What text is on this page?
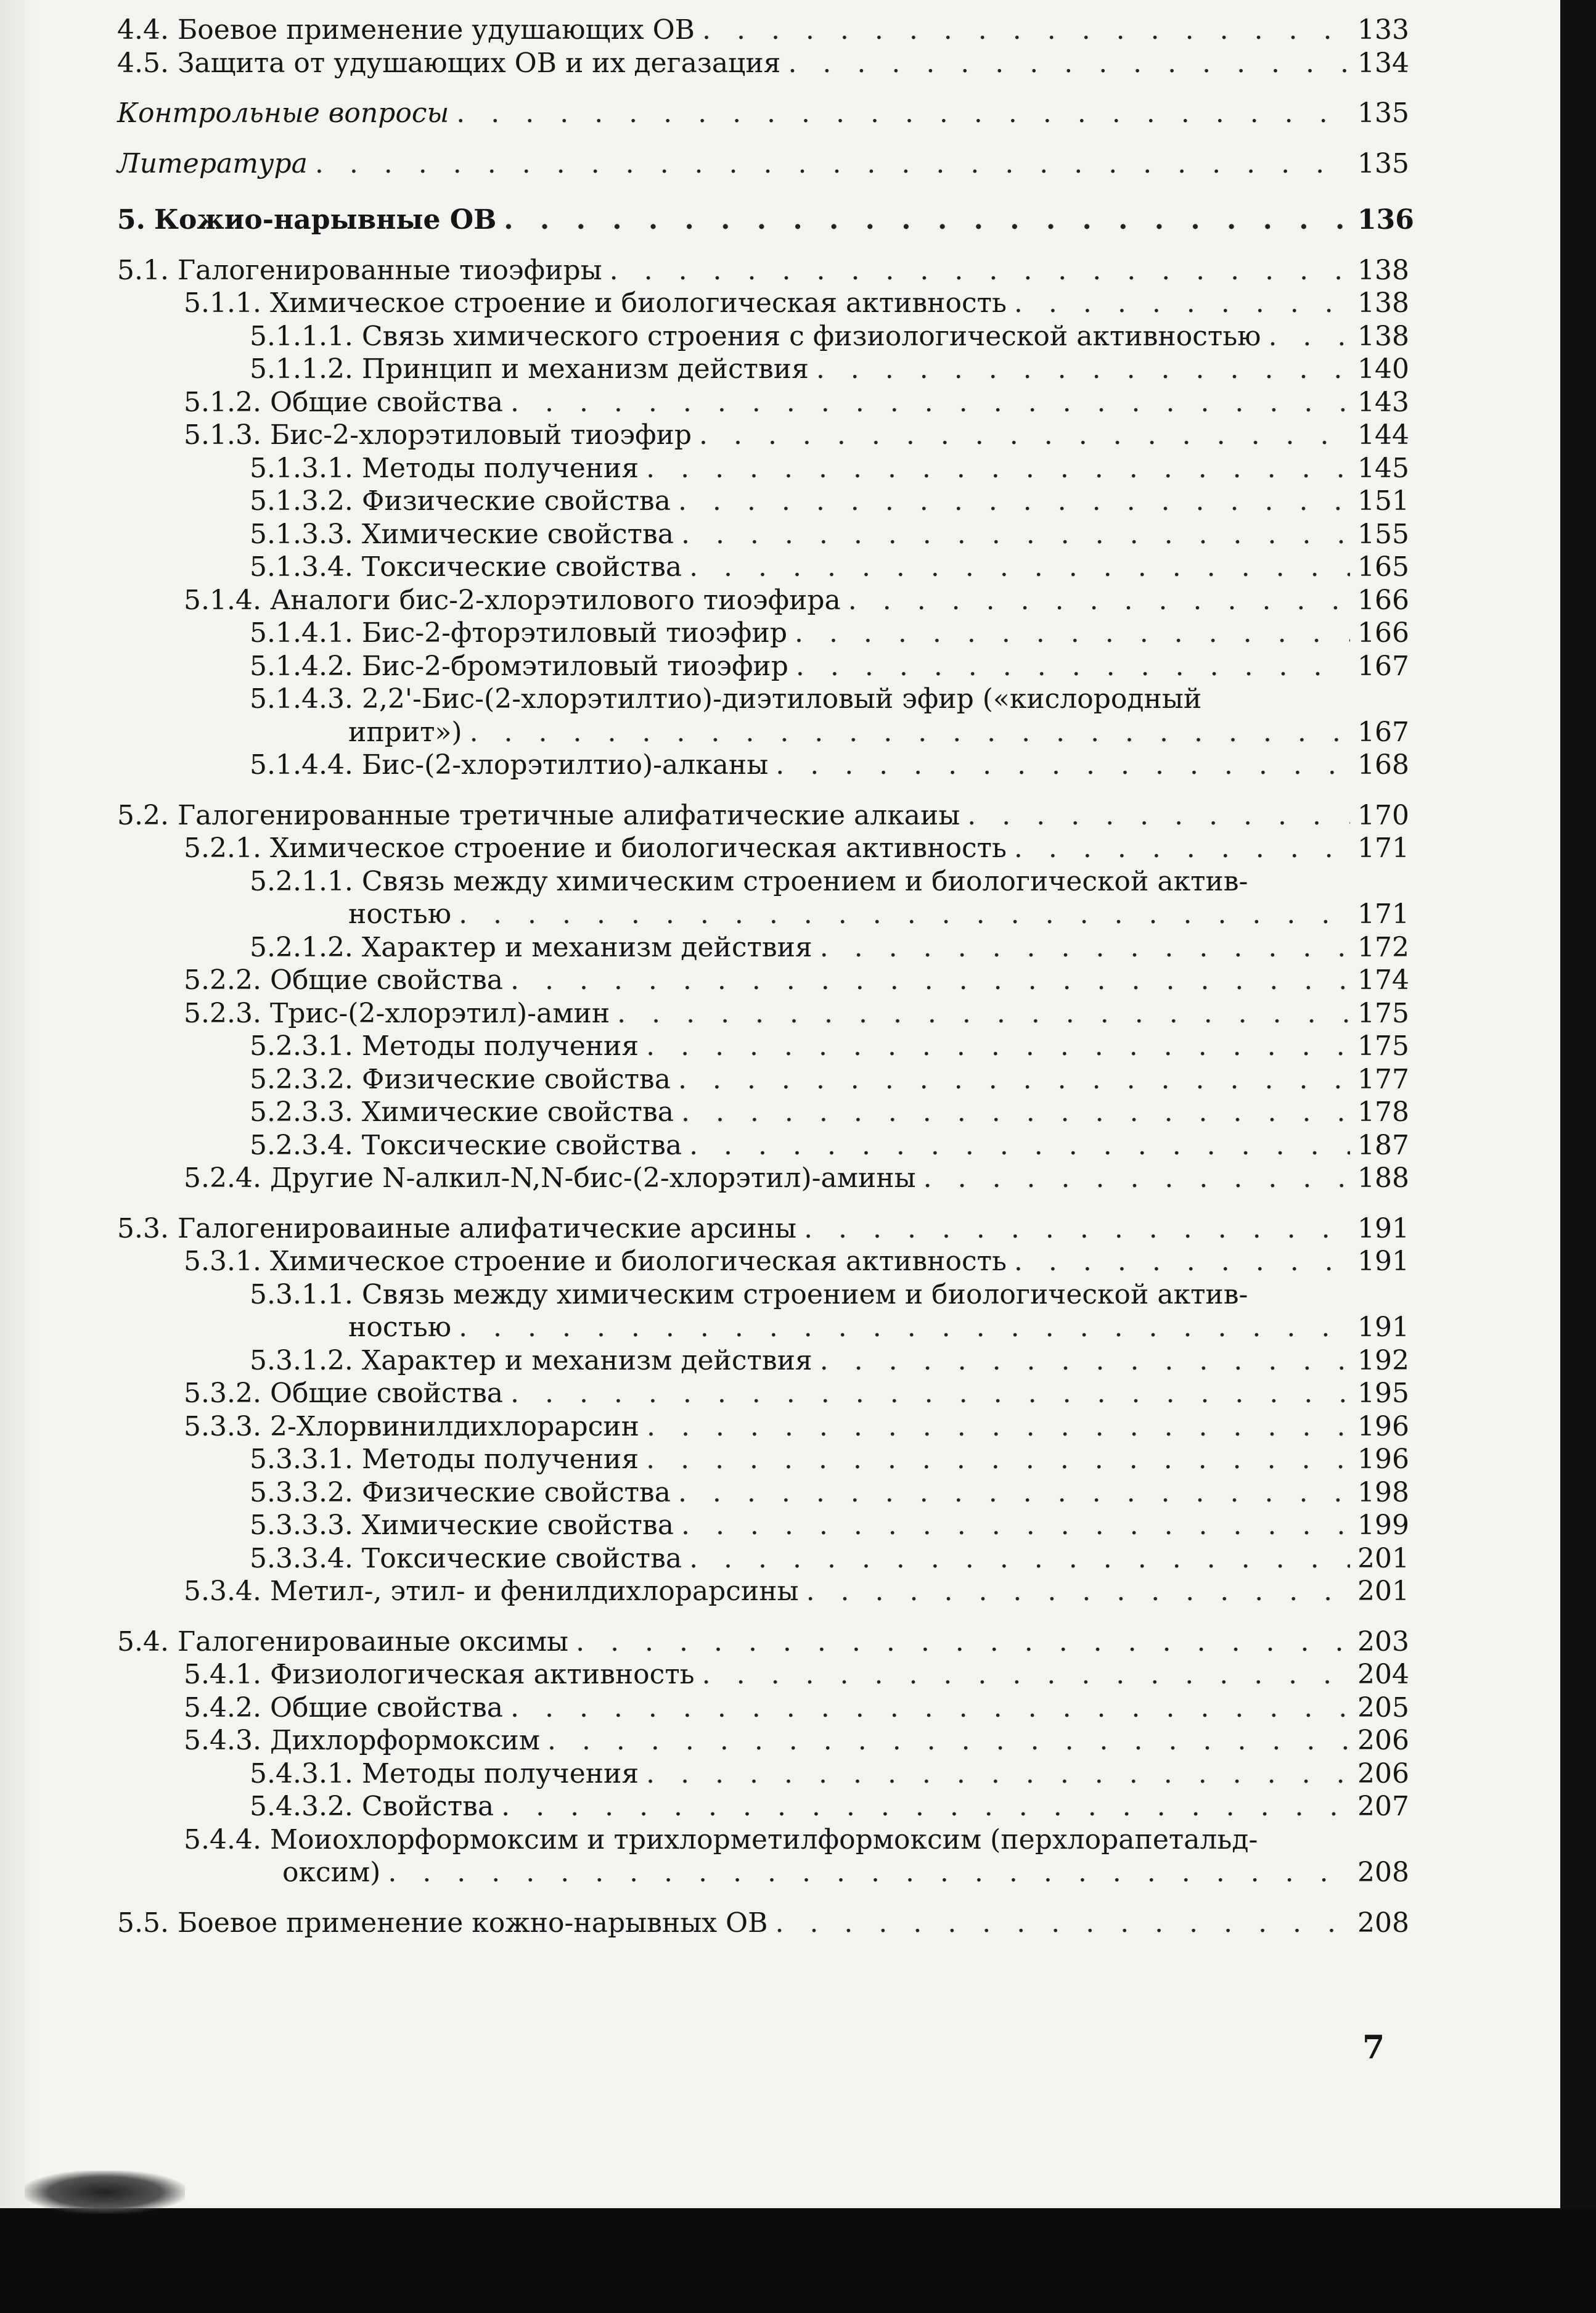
4.4. Боевое применение удушающих ОВ . . .	133
4.5. Защита от удушающих ОВ и их дегазация . . .	134
Контрольные вопросы . . .	135
Литература . . .	135
5. Кожио-нарывные ОВ . . .	136
5.1. Галогенированные тиоэфиры . . .	138
5.1.1. Химическое строение и биологическая активность . . .	138
5.1.1.1. Связь химического строения с физиологической активностью . . .	138
5.1.1.2. Принцип и механизм действия . . .	140
5.1.2. Общие свойства . . .	143
5.1.3. Бис-2-хлорэтиловый тиоэфир . . .	144
5.1.3.1. Методы получения . . .	145
5.1.3.2. Физические свойства . . .	151
5.1.3.3. Химические свойства . . .	155
5.1.3.4. Токсические свойства . . .	165
5.1.4. Аналоги бис-2-хлорэтилового тиоэфира . . .	166
5.1.4.1. Бис-2-фторэтиловый тиоэфир . . .	166
5.1.4.2. Бис-2-бромэтиловый тиоэфир . . .	167
5.1.4.3. 2,2'-Бис-(2-хлорэтилтио)-диэтиловый эфир («кислородный
иприт») . . .	167
5.1.4.4. Бис-(2-хлорэтилтио)-алканы . . .	168
5.2. Галогенированные третичные алифатические алкаиы . . .	170
5.2.1. Химическое строение и биологическая активность . . .	171
5.2.1.1. Связь между химическим строением и биологической актив-
ностью . . .	171
5.2.1.2. Характер и механизм действия . . .	172
5.2.2. Общие свойства . . .	174
5.2.3. Трис-(2-хлорэтил)-амин . . .	175
5.2.3.1. Методы получения . . .	175
5.2.3.2. Физические свойства . . .	177
5.2.3.3. Химические свойства . . .	178
5.2.3.4. Токсические свойства . . .	187
5.2.4. Другие N-алкил-N,N-бис-(2-хлорэтил)-амины . . .	188
5.3. Галогенироваиные алифатические арсины . . .	191
5.3.1. Химическое строение и биологическая активность . . .	191
5.3.1.1. Связь между химическим строением и биологической актив-
ностью . . .	191
5.3.1.2. Характер и механизм действия . . .	192
5.3.2. Общие свойства . . .	195
5.3.3. 2-Хлорвинилдихлорарсин . . .	196
5.3.3.1. Методы получения . . .	196
5.3.3.2. Физические свойства . . .	198
5.3.3.3. Химические свойства . . .	199
5.3.3.4. Токсические свойства . . .	201
5.3.4. Метил-, этил- и фенилдихлорарсины . . .	201
5.4. Галогенироваиные оксимы . . .	203
5.4.1. Физиологическая активность . . .	204
5.4.2. Общие свойства . . .	205
5.4.3. Дихлорформоксим . . .	206
5.4.3.1. Методы получения . . .	206
5.4.3.2. Свойства . . .	207
5.4.4. Моиохлорформоксим и трихлорметилформоксим (перхлорапетальд-
оксим) . . .	208
5.5. Боевое применение кожно-нарывных ОВ . . .	208
7
